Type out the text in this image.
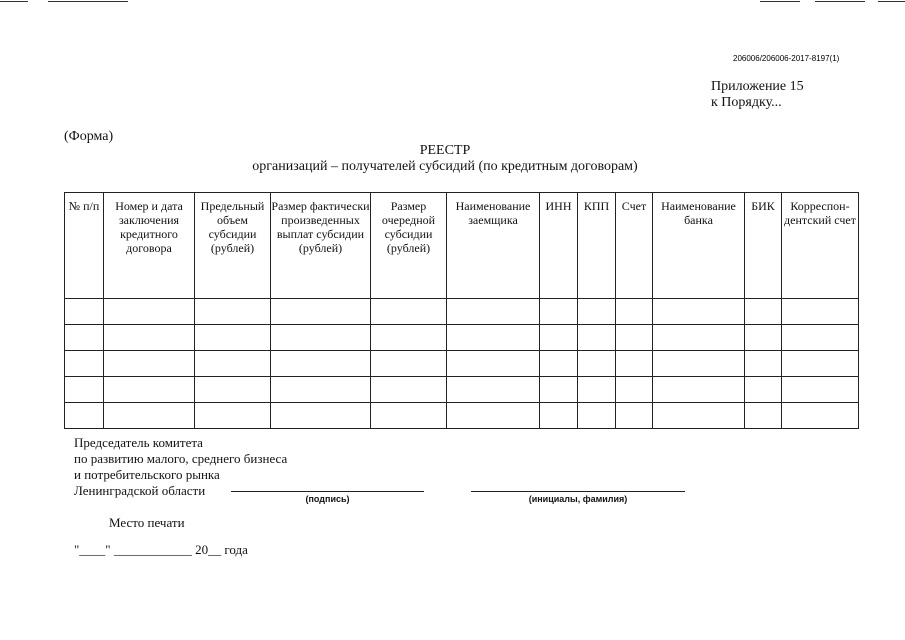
206006/206006-2017-8197(1)
Приложение 15
к Порядку...
(Форма)
РЕЕСТР
организаций – получателей субсидий (по кредитным договорам)
№ п/п	Номер и дата заключения кредитного договора	Предельный объем субсидии (рублей)	Размер фактически произведенных выплат субсидии (рублей)	Размер очередной субсидии (рублей)	Наименование заемщика	ИНН	КПП	Счет	Наименование банка	БИК	Корреспон-дентский счет

Председатель комитета
по развитию малого, среднего бизнеса
и потребительского рынка
Ленинградской области
(подпись)	(инициалы, фамилия)
Место печати
"____" ____________ 20__ года
